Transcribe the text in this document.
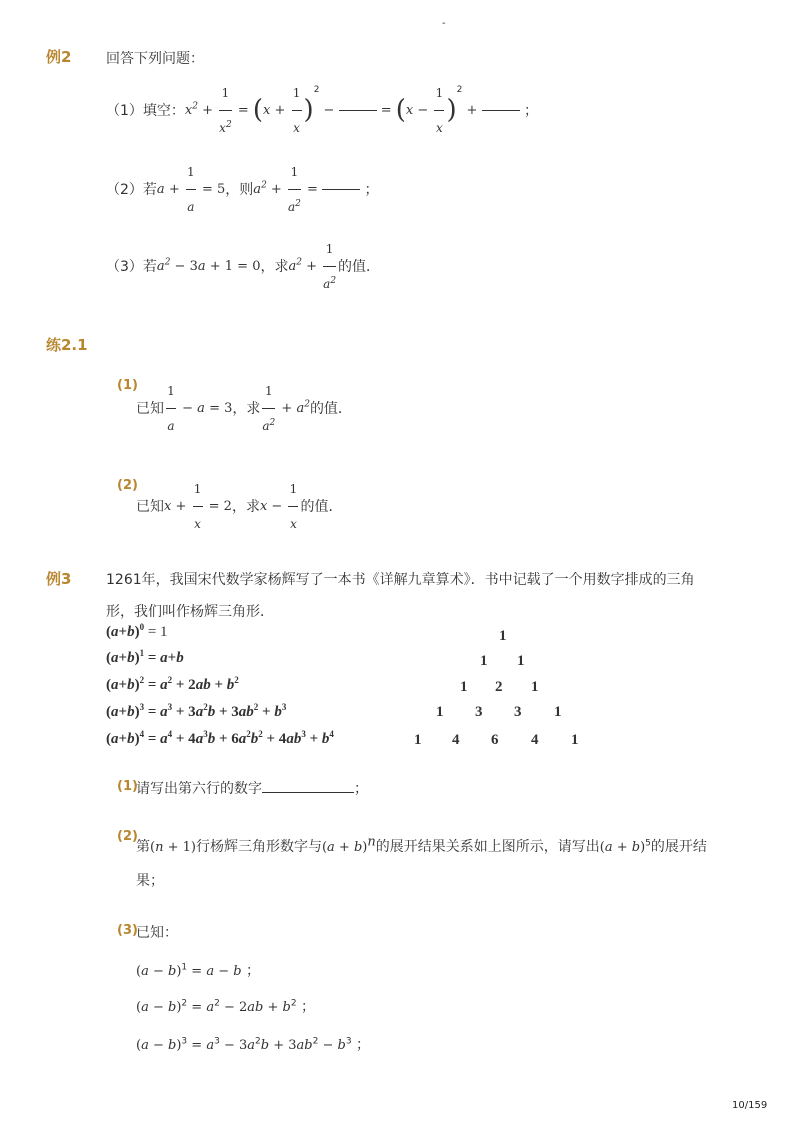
-
例2 回答下列问题：
（1）填空： $x^2 + \frac{1}{x^2}$ = ( $x + \frac{1}{x}$ )
2
−	= ( $x - \frac{1}{x}$ )
2
+	；
（2）若 $a + \frac{1}{a} = 5$ ，则 $a^2 + \frac{1}{a^2}$ =	；
（3）若 $a^2 - 3$ a + 1 = 0 ，求 $a^2 + \frac{1}{a^2}$ 的值．
练2.1
(1)
已知 $\frac{1}{a} - a = 3$ ，求 $\frac{1}{a^2} + a^2$ 的值．
(2)
已知 $x + \frac{1}{x} = 2$ ，求 $x - \frac{1}{x}$ 的值．
例3 1261年，我国宋代数学家杨辉写了一本书《详解九章算术》．书中记载了一个用数字排成的三角
形，我们叫作杨辉三角形．
$(a+b)^0 = 1$
$(a+b)^1 = a+b$
$(a+b)^2 = a^2 + 2ab + b^2$
$(a+b)^3 = a^3 + 3a^2b + 3ab^2 + b^3$
$(a+b)^4 = a^4 + 4a^3b + 6a^2b^2 + 4ab^3 + b^4$
1
1 1
1 2 1
1 3 3 1
1 4 6 4 1
(1)
请写出第六行的数字	；
(2)
第(n + 1)行杨辉三角形数字与$(a + b)^n$的展开结果关系如上图所示，请写出$(a + b)^5$的展开结
果；
(3)
已知：
$(a - b)^1 = a - b$ ；
$(a - b)^2 = a^2 - 2ab + b^2$ ；
$(a - b)^3 = a^3 - 3a^2b + 3ab^2 - b^3$ ；
10/159
